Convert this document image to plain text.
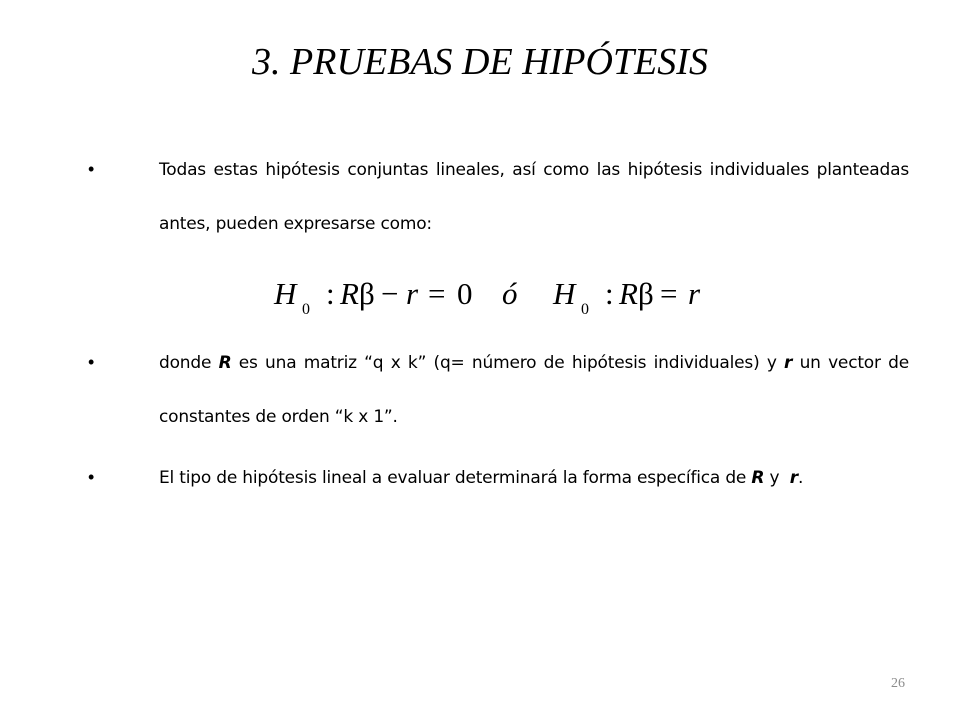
3. PRUEBAS DE HIPÓTESIS
•	Todas estas hipótesis conjuntas lineales, así como las hipótesis individuales planteadas antes, pueden expresarse como:
H 0 : R β − r = 0 ó H 0 : R β = r
•	donde R es una matriz “q x k” (q= número de hipótesis individuales) y r un vector de constantes de orden “k x 1”.
•	El tipo de hipótesis lineal a evaluar determinará la forma específica de R y  r.
26
